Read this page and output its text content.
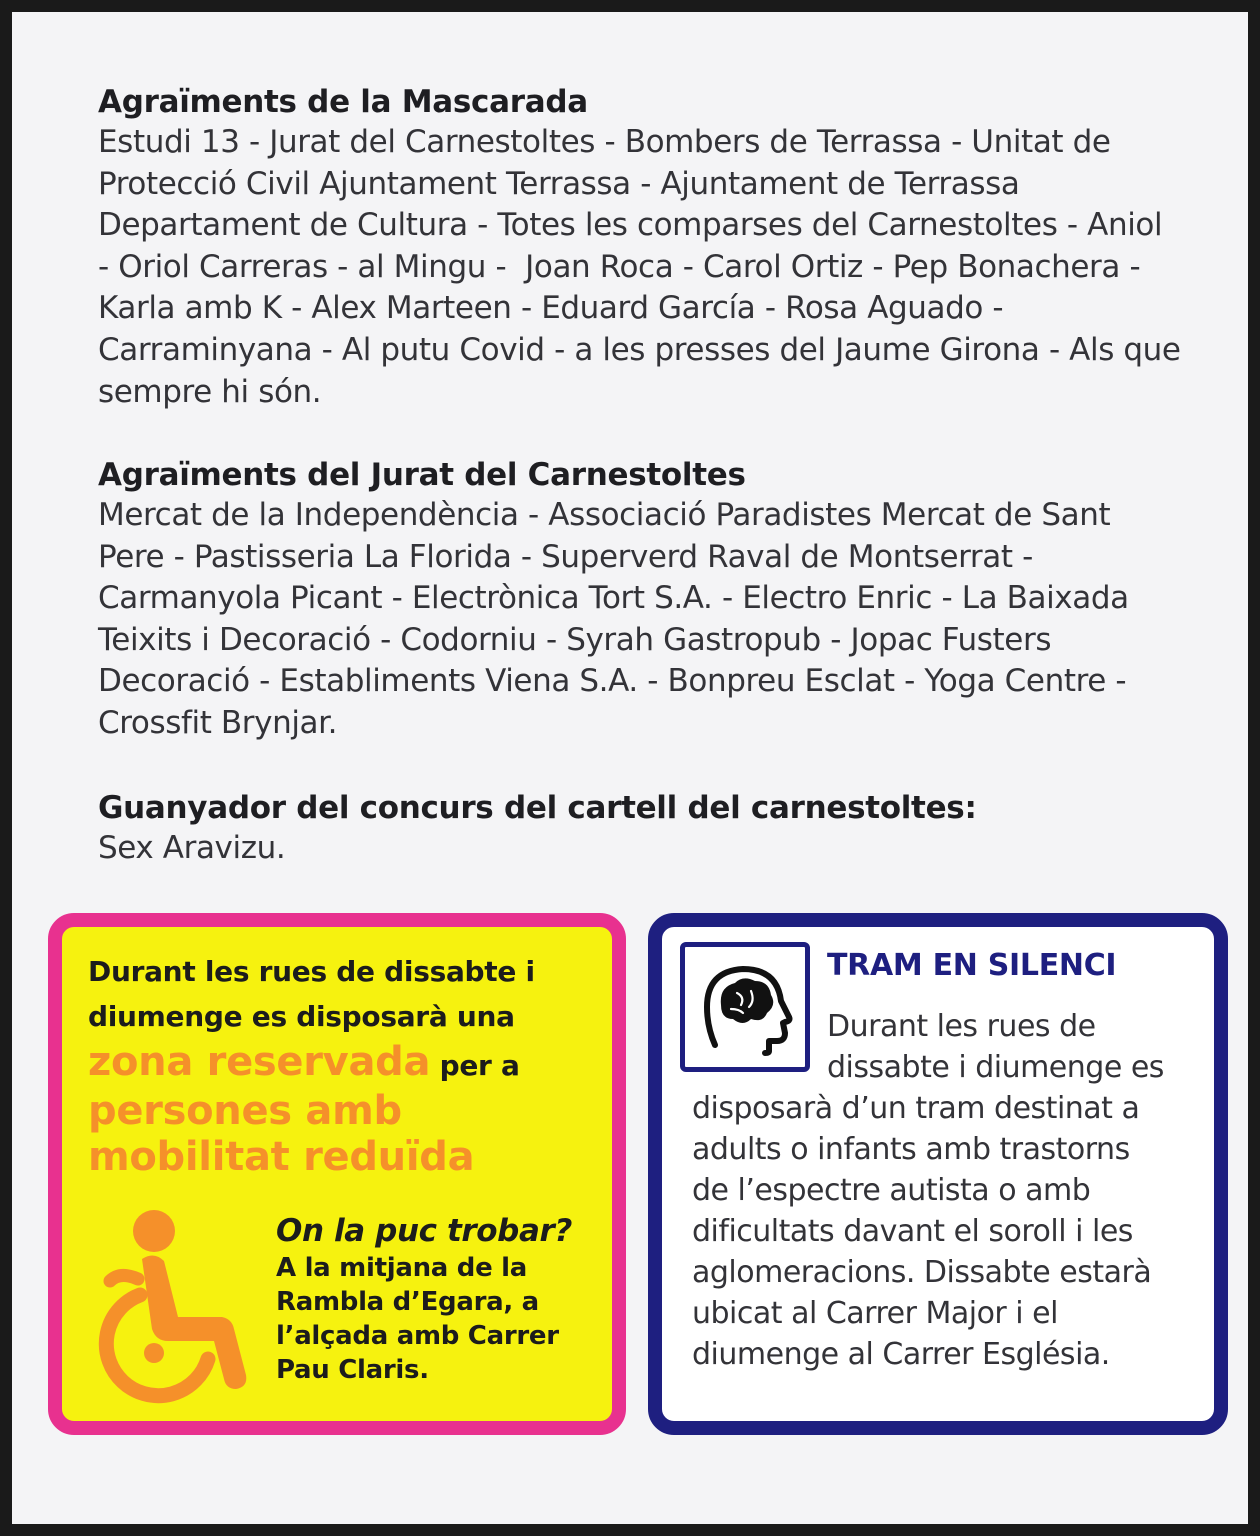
Agraïments de la Mascarada
Estudi 13 - Jurat del Carnestoltes - Bombers de Terrassa - Unitat de
Protecció Civil Ajuntament Terrassa - Ajuntament de Terrassa
Departament de Cultura - Totes les comparses del Carnestoltes - Aniol
- Oriol Carreras - al Mingu -  Joan Roca - Carol Ortiz - Pep Bonachera -
Karla amb K - Alex Marteen - Eduard García - Rosa Aguado -
Carraminyana - Al putu Covid - a les presses del Jaume Girona - Als que
sempre hi són.
Agraïments del Jurat del Carnestoltes
Mercat de la Independència - Associació Paradistes Mercat de Sant
Pere - Pastisseria La Florida - Superverd Raval de Montserrat -
Carmanyola Picant - Electrònica Tort S.A. - Electro Enric - La Baixada
Teixits i Decoració - Codorniu - Syrah Gastropub - Jopac Fusters
Decoració - Establiments Viena S.A. - Bonpreu Esclat - Yoga Centre -
Crossfit Brynjar.
Guanyador del concurs del cartell del carnestoltes:
Sex Aravizu.
Durant les rues de dissabte i
diumenge es disposarà una
zona reservada per a
persones amb
mobilitat reduïda
On la puc trobar?
A la mitjana de la
Rambla d’Egara, a
l’alçada amb Carrer
Pau Claris.
TRAM EN SILENCI
Durant les rues de
dissabte i diumenge es
disposarà d’un tram destinat a
adults o infants amb trastorns
de l’espectre autista o amb
dificultats davant el soroll i les
aglomeracions. Dissabte estarà
ubicat al Carrer Major i el
diumenge al Carrer Església.
